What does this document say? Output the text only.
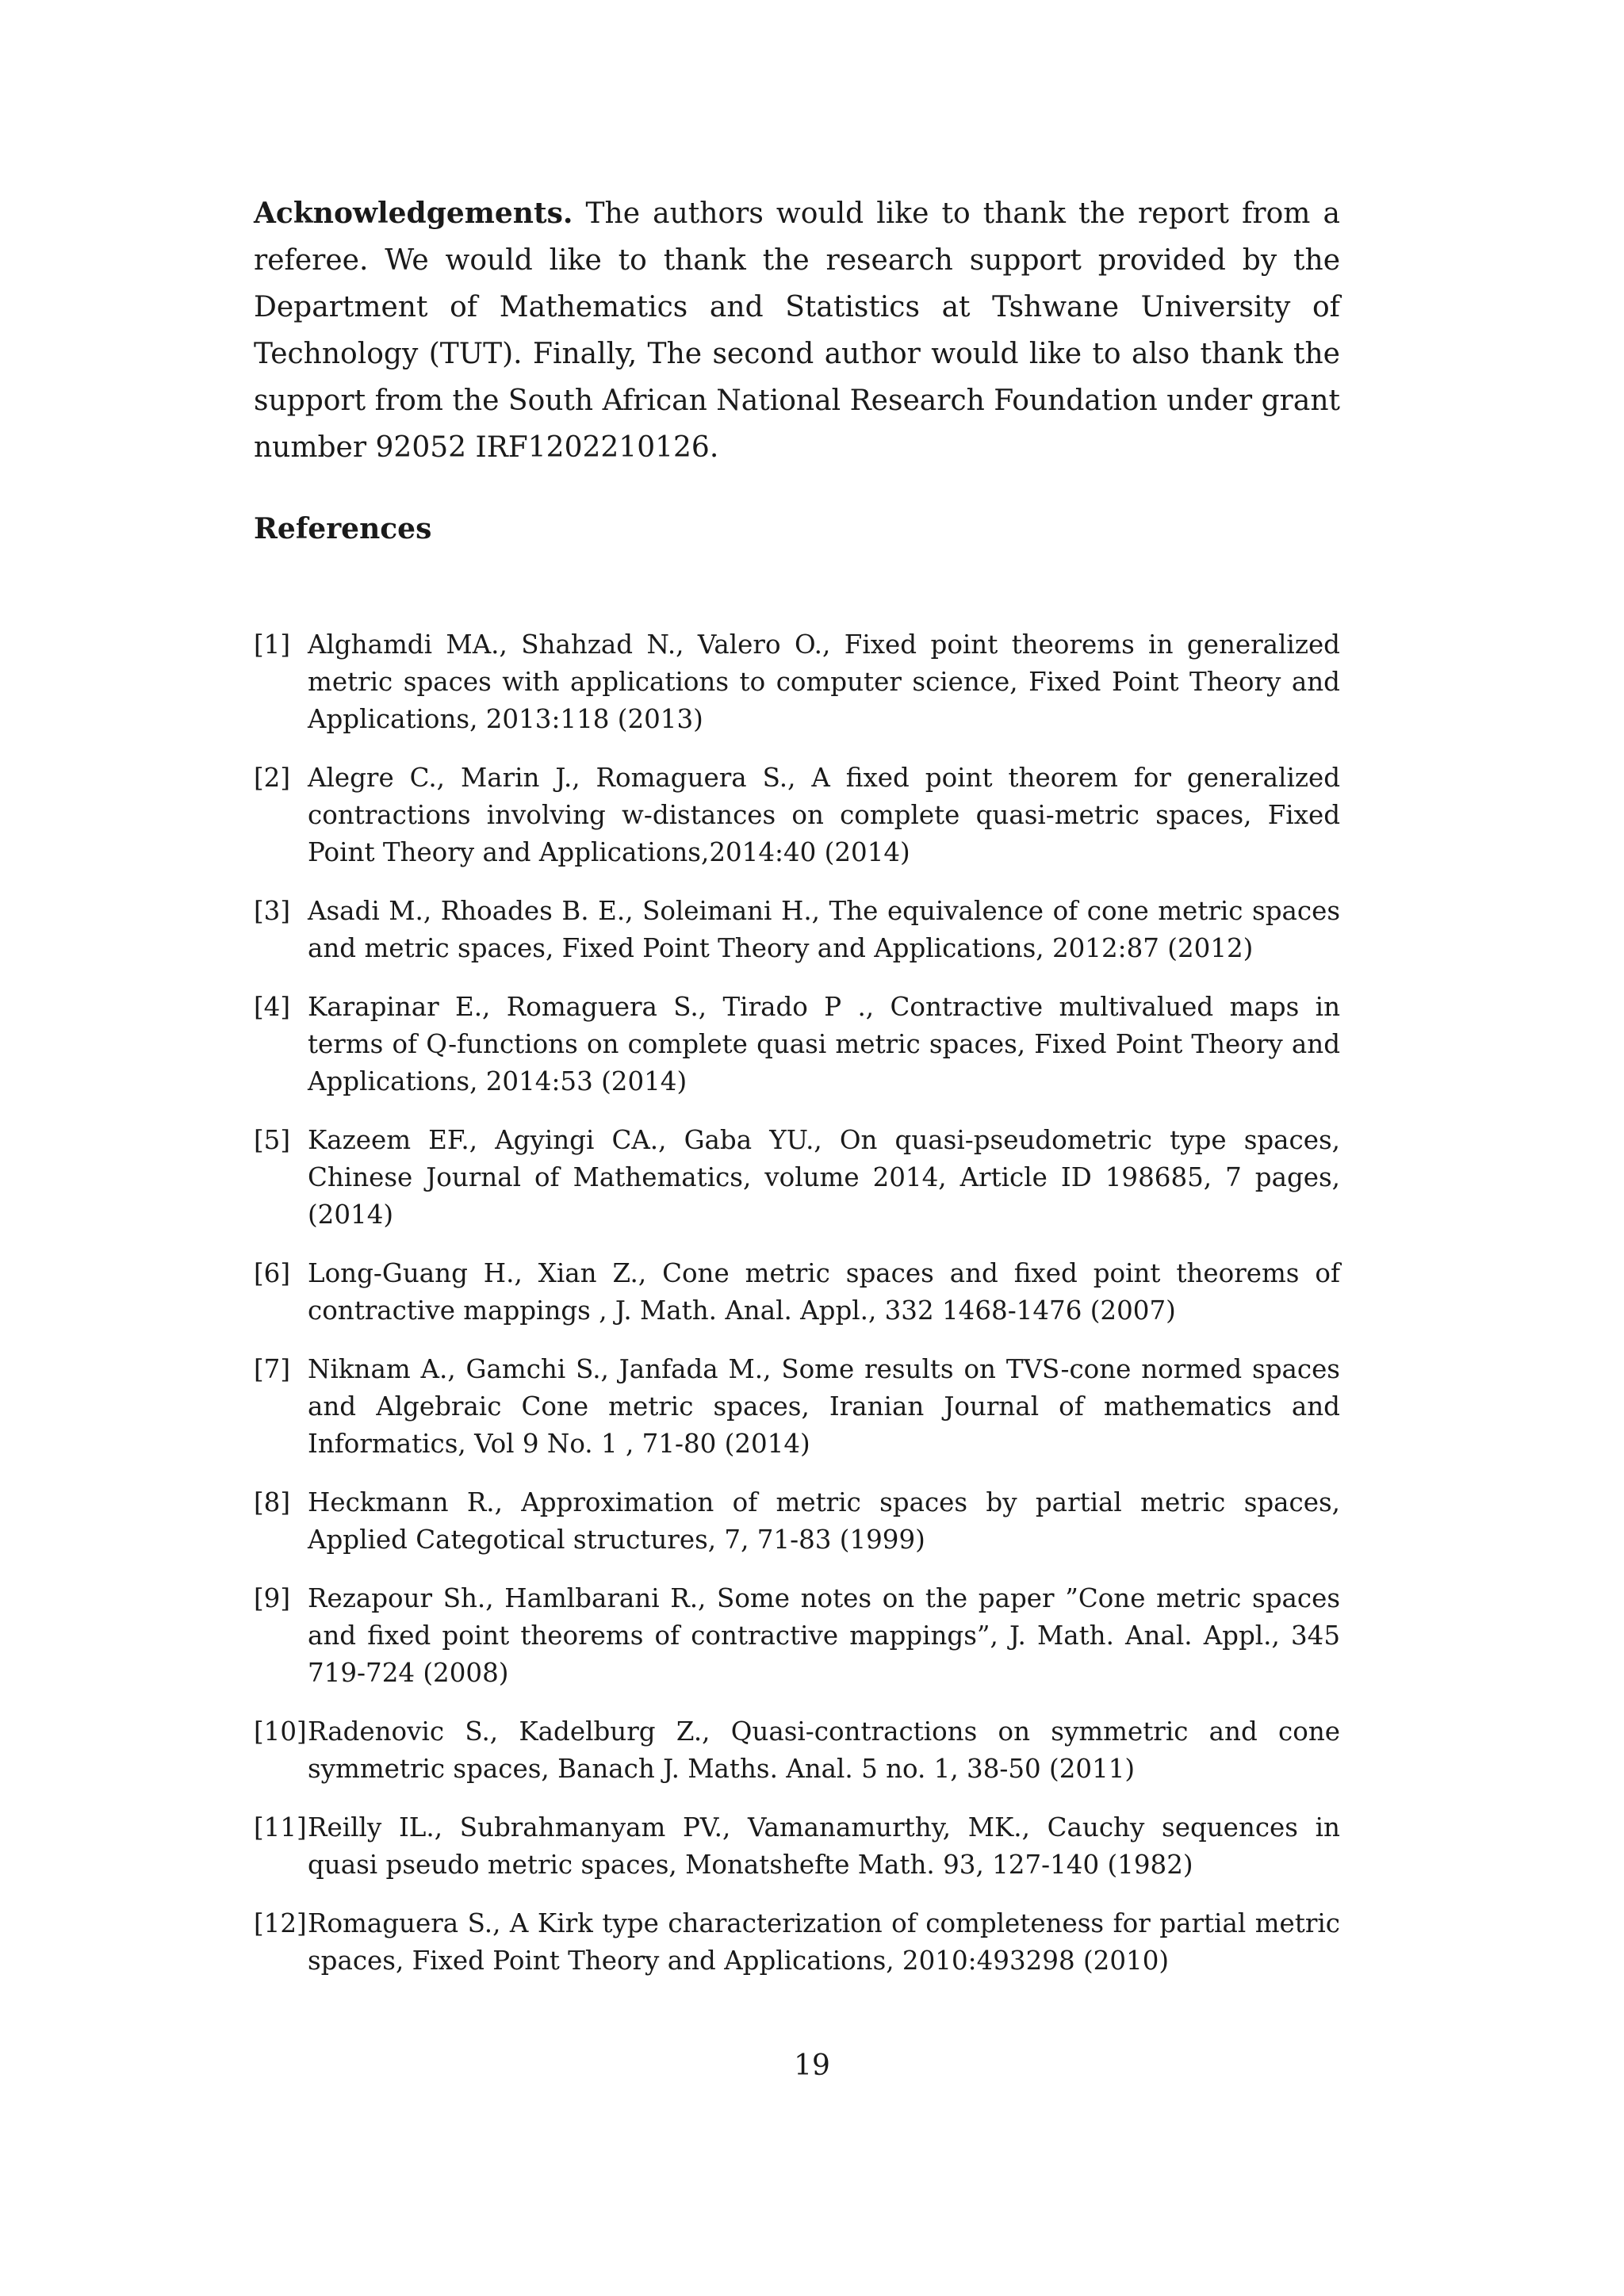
Acknowledgements. The authors would like to thank the report from a referee. We would like to thank the research support provided by the Department of Mathematics and Statistics at Tshwane University of Technology (TUT). Finally, The second author would like to also thank the support from the South African National Research Foundation under grant number 92052 IRF1202210126.

References
[1] Alghamdi MA., Shahzad N., Valero O., Fixed point theorems in generalized metric spaces with applications to computer science, Fixed Point Theory and Applications, 2013:118 (2013)
[2] Alegre C., Marin J., Romaguera S., A fixed point theorem for generalized contractions involving w-distances on complete quasi-metric spaces, Fixed Point Theory and Applications,2014:40 (2014)
[3] Asadi M., Rhoades B. E., Soleimani H., The equivalence of cone metric spaces and metric spaces, Fixed Point Theory and Applications, 2012:87 (2012)
[4] Karapinar E., Romaguera S., Tirado P ., Contractive multivalued maps in terms of Q-functions on complete quasi metric spaces, Fixed Point Theory and Applications, 2014:53 (2014)
[5] Kazeem EF., Agyingi CA., Gaba YU., On quasi-pseudometric type spaces, Chinese Journal of Mathematics, volume 2014, Article ID 198685, 7 pages, (2014)
[6] Long-Guang H., Xian Z., Cone metric spaces and fixed point theorems of contractive mappings , J. Math. Anal. Appl., 332 1468-1476 (2007)
[7] Niknam A., Gamchi S., Janfada M., Some results on TVS-cone normed spaces and Algebraic Cone metric spaces, Iranian Journal of mathematics and Informatics, Vol 9 No. 1 , 71-80 (2014)
[8] Heckmann R., Approximation of metric spaces by partial metric spaces, Applied Categotical structures, 7, 71-83 (1999)
[9] Rezapour Sh., Hamlbarani R., Some notes on the paper ”Cone metric spaces and fixed point theorems of contractive mappings”, J. Math. Anal. Appl., 345 719-724 (2008)
[10] Radenovic S., Kadelburg Z., Quasi-contractions on symmetric and cone symmetric spaces, Banach J. Maths. Anal. 5 no. 1, 38-50 (2011)
[11] Reilly IL., Subrahmanyam PV., Vamanamurthy, MK., Cauchy sequences in quasi pseudo metric spaces, Monatshefte Math. 93, 127-140 (1982)
[12] Romaguera S., A Kirk type characterization of completeness for partial metric spaces, Fixed Point Theory and Applications, 2010:493298 (2010)
19
